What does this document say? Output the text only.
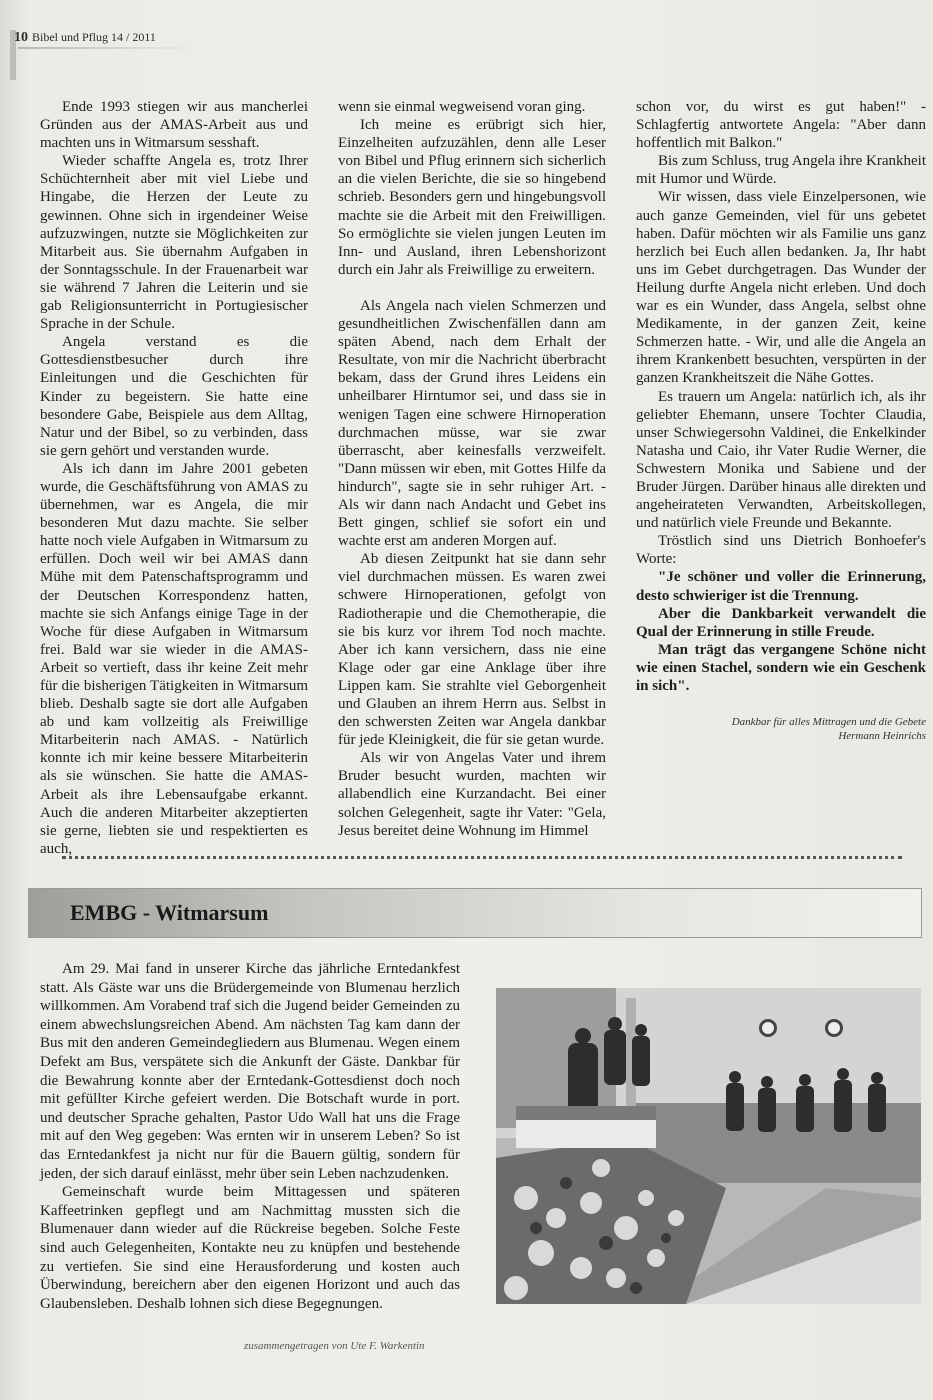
10 Bibel und Pflug 14 / 2011

Ende 1993 stiegen wir aus mancherlei Gründen aus der AMAS-Arbeit aus und machten uns in Witmarsum sesshaft.

Wieder schaffte Angela es, trotz Ihrer Schüchternheit aber mit viel Liebe und Hingabe, die Herzen der Leute zu gewinnen. Ohne sich in irgendeiner Weise aufzuzwingen, nutzte sie Möglichkeiten zur Mitarbeit aus. Sie übernahm Aufgaben in der Sonntagsschule. In der Frauenarbeit war sie während 7 Jahren die Leiterin und sie gab Religionsunterricht in Portugiesischer Sprache in der Schule.

Angela verstand es die Gottesdienstbesucher durch ihre Einleitungen und die Geschichten für Kinder zu begeistern. Sie hatte eine besondere Gabe, Beispiele aus dem Alltag, Natur und der Bibel, so zu verbinden, dass sie gern gehört und verstanden wurde.

Als ich dann im Jahre 2001 gebeten wurde, die Geschäftsführung von AMAS zu übernehmen, war es Angela, die mir besonderen Mut dazu machte. Sie selber hatte noch viele Aufgaben in Witmarsum zu erfüllen. Doch weil wir bei AMAS dann Mühe mit dem Patenschaftsprogramm und der Deutschen Korrespondenz hatten, machte sie sich Anfangs einige Tage in der Woche für diese Aufgaben in Witmarsum frei. Bald war sie wieder in die AMAS-Arbeit so vertieft, dass ihr keine Zeit mehr für die bisherigen Tätigkeiten in Witmarsum blieb. Deshalb sagte sie dort alle Aufgaben ab und kam vollzeitig als Freiwillige Mitarbeiterin nach AMAS. - Natürlich konnte ich mir keine bessere Mitarbeiterin als sie wünschen. Sie hatte die AMAS-Arbeit als ihre Lebensaufgabe erkannt. Auch die anderen Mitarbeiter akzeptierten sie gerne, liebten sie und respektierten es auch,

wenn sie einmal wegweisend voran ging.

Ich meine es erübrigt sich hier, Einzelheiten aufzuzählen, denn alle Leser von Bibel und Pflug erinnern sich sicherlich an die vielen Berichte, die sie so hingebend schrieb. Besonders gern und hingebungsvoll machte sie die Arbeit mit den Freiwilligen. So ermöglichte sie vielen jungen Leuten im Inn- und Ausland, ihren Lebenshorizont durch ein Jahr als Freiwillige zu erweitern.

Als Angela nach vielen Schmerzen und gesundheitlichen Zwischenfällen dann am späten Abend, nach dem Erhalt der Resultate, von mir die Nachricht überbracht bekam, dass der Grund ihres Leidens ein unheilbarer Hirntumor sei, und dass sie in wenigen Tagen eine schwere Hirnoperation durchmachen müsse, war sie zwar überrascht, aber keinesfalls verzweifelt. "Dann müssen wir eben, mit Gottes Hilfe da hindurch", sagte sie in sehr ruhiger Art. - Als wir dann nach Andacht und Gebet ins Bett gingen, schlief sie sofort ein und wachte erst am anderen Morgen auf.

Ab diesen Zeitpunkt hat sie dann sehr viel durchmachen müssen. Es waren zwei schwere Hirnoperationen, gefolgt von Radiotherapie und die Chemotherapie, die sie bis kurz vor ihrem Tod noch machte. Aber ich kann versichern, dass nie eine Klage oder gar eine Anklage über ihre Lippen kam. Sie strahlte viel Geborgenheit und Glauben an ihrem Herrn aus. Selbst in den schwersten Zeiten war Angela dankbar für jede Kleinigkeit, die für sie getan wurde.

Als wir von Angelas Vater und ihrem Bruder besucht wurden, machten wir allabendlich eine Kurzandacht. Bei einer solchen Gelegenheit, sagte ihr Vater: "Gela, Jesus bereitet deine Wohnung im Himmel

schon vor, du wirst es gut haben!" - Schlagfertig antwortete Angela: "Aber dann hoffentlich mit Balkon."

Bis zum Schluss, trug Angela ihre Krankheit mit Humor und Würde.

Wir wissen, dass viele Einzelpersonen, wie auch ganze Gemeinden, viel für uns gebetet haben. Dafür möchten wir als Familie uns ganz herzlich bei Euch allen bedanken. Ja, Ihr habt uns im Gebet durchgetragen. Das Wunder der Heilung durfte Angela nicht erleben. Und doch war es ein Wunder, dass Angela, selbst ohne Medikamente, in der ganzen Zeit, keine Schmerzen hatte. - Wir, und alle die Angela an ihrem Krankenbett besuchten, verspürten in der ganzen Krankheitszeit die Nähe Gottes.

Es trauern um Angela: natürlich ich, als ihr geliebter Ehemann, unsere Tochter Claudia, unser Schwiegersohn Valdinei, die Enkelkinder Natasha und Caio, ihr Vater Rudie Werner, die Schwestern Monika und Sabiene und der Bruder Jürgen. Darüber hinaus alle direkten und angeheirateten Verwandten, Arbeitskollegen, und natürlich viele Freunde und Bekannte.

Tröstlich sind uns Dietrich Bonhoefer's Worte:

"Je schöner und voller die Erinnerung, desto schwieriger ist die Trennung.

Aber die Dankbarkeit verwandelt die Qual der Erinnerung in stille Freude.

Man trägt das vergangene Schöne nicht wie einen Stachel, sondern wie ein Geschenk in sich".

Dankbar für alles Mittragen und die Gebete
Hermann Heinrichs
EMBG - Witmarsum

Am 29. Mai fand in unserer Kirche das jährliche Erntedankfest statt. Als Gäste war uns die Brüdergemeinde von Blumenau herzlich willkommen. Am Vorabend traf sich die Jugend beider Gemeinden zu einem abwechslungsreichen Abend. Am nächsten Tag kam dann der Bus mit den anderen Gemeindegliedern aus Blumenau. Wegen einem Defekt am Bus, verspätete sich die Ankunft der Gäste. Dankbar für die Bewahrung konnte aber der Erntedank-Gottesdienst doch noch mit gefüllter Kirche gefeiert werden. Die Botschaft wurde in port. und deutscher Sprache gehalten, Pastor Udo Wall hat uns die Frage mit auf den Weg gegeben: Was ernten wir in unserem Leben? So ist das Erntedankfest ja nicht nur für die Bauern gültig, sondern für jeden, der sich darauf einlässt, mehr über sein Leben nachzudenken.

Gemeinschaft wurde beim Mittagessen und späteren Kaffeetrinken gepflegt und am Nachmittag mussten sich die Blumenauer dann wieder auf die Rückreise begeben. Solche Feste sind auch Gelegenheiten, Kontakte neu zu knüpfen und bestehende zu vertiefen. Sie sind eine Herausforderung und kosten auch Überwindung, bereichern aber den eigenen Horizont und auch das Glaubensleben. Deshalb lohnen sich diese Begegnungen.

zusammengetragen von Ute F. Warkentin
